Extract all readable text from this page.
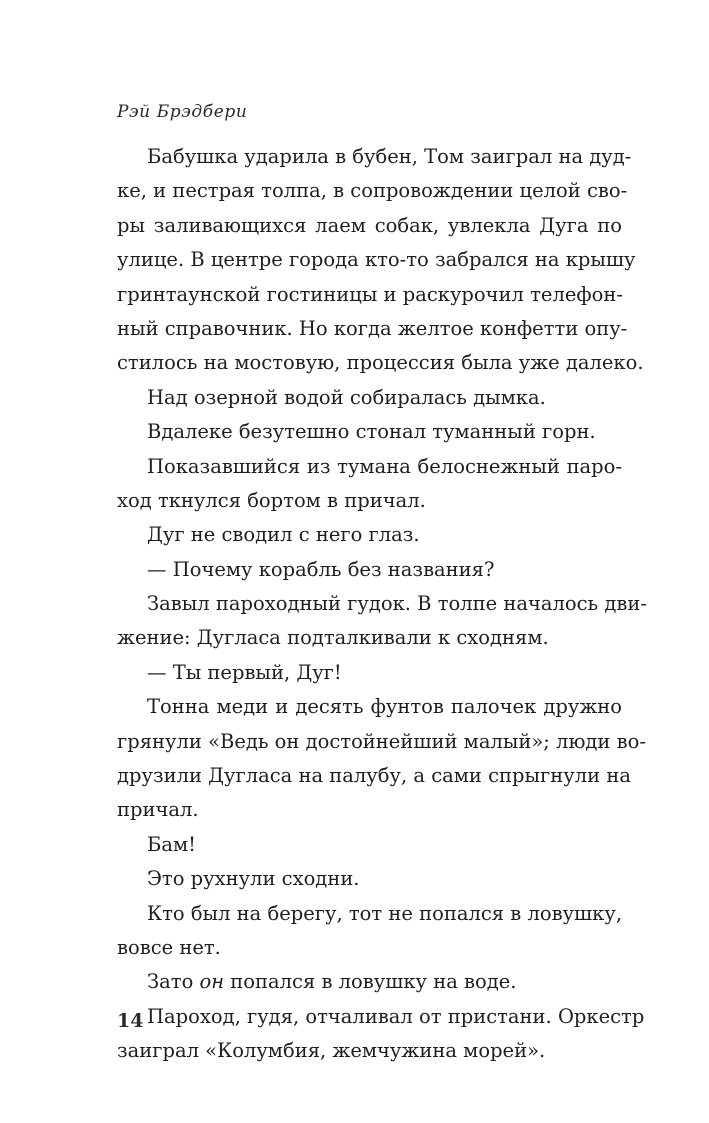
Рэй Брэдбери
Бабушка ударила в бубен, Том заиграл на дуд-
ке, и пестрая толпа, в сопровождении целой сво-
ры заливающихся лаем собак, увлекла Дуга по
улице. В центре города кто-то забрался на крышу
гринтаунской гостиницы и раскурочил телефон-
ный справочник. Но когда желтое конфетти опу-
стилось на мостовую, процессия была уже далеко.
Над озерной водой собиралась дымка.
Вдалеке безутешно стонал туманный горн.
Показавшийся из тумана белоснежный паро-
ход ткнулся бортом в причал.
Дуг не сводил с него глаз.
— Почему корабль без названия?
Завыл пароходный гудок. В толпе началось дви-
жение: Дугласа подталкивали к сходням.
— Ты первый, Дуг!
Тонна меди и десять фунтов палочек дружно
грянули «Ведь он достойнейший малый»; люди во-
друзили Дугласа на палубу, а сами спрыгнули на
причал.
Бам!
Это рухнули сходни.
Кто был на берегу, тот не попался в ловушку,
вовсе нет.
Зато он попался в ловушку на воде.
Пароход, гудя, отчаливал от пристани. Оркестр
заиграл «Колумбия, жемчужина морей».
14
